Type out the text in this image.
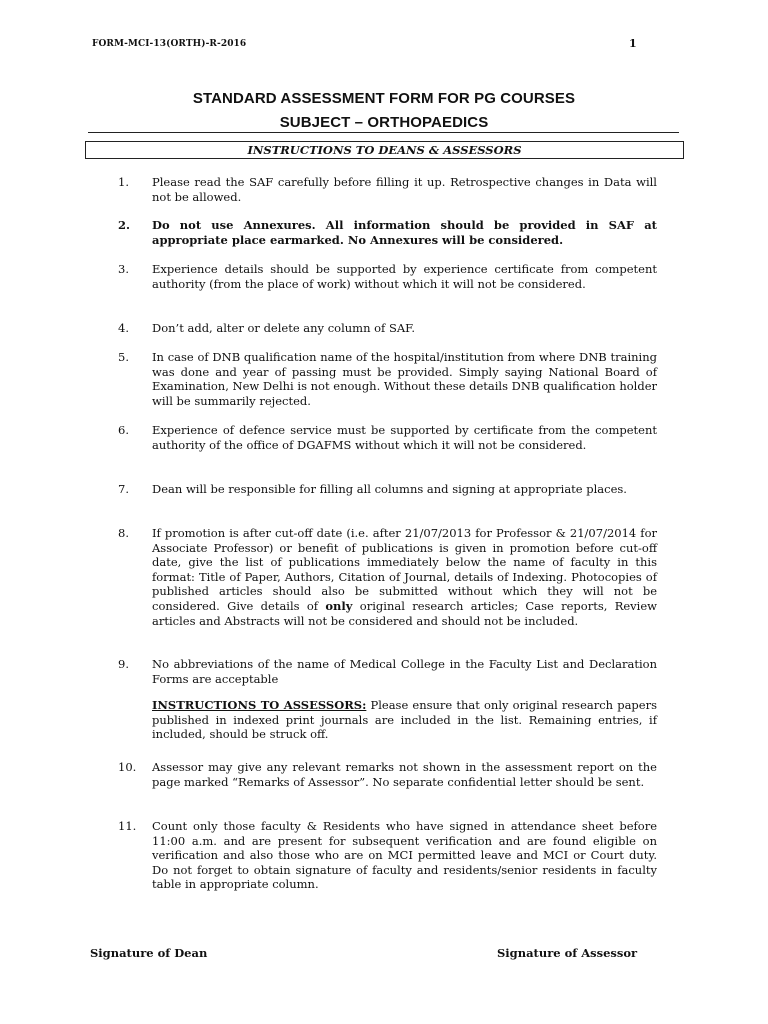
FORM-MCI-13(ORTH)-R-2016	1
STANDARD ASSESSMENT FORM FOR PG COURSES
SUBJECT – ORTHOPAEDICS
INSTRUCTIONS TO DEANS & ASSESSORS
1.	Please read the SAF carefully before filling it up. Retrospective changes in Data will not be allowed.
2.	Do not use Annexures. All information should be provided in SAF at appropriate place earmarked. No Annexures will be considered.
3.	Experience details should be supported by experience certificate from competent authority (from the place of work) without which it will not be considered.
4.	Don’t add, alter or delete any column of SAF.
5.	In case of DNB qualification name of the hospital/institution from where DNB training was done and year of passing must be provided. Simply saying National Board of Examination, New Delhi is not enough. Without these details DNB qualification holder will be summarily rejected.
6.	Experience of defence service must be supported by certificate from the competent authority of the office of DGAFMS without which it will not be considered.
7.	Dean will be responsible for filling all columns and signing at appropriate places.
8.	If promotion is after cut-off date (i.e. after 21/07/2013 for Professor & 21/07/2014 for Associate Professor) or benefit of publications is given in promotion before cut-off date, give the list of publications immediately below the name of faculty in this format: Title of Paper, Authors, Citation of Journal, details of Indexing. Photocopies of published articles should also be submitted without which they will not be considered. Give details of only original research articles; Case reports, Review articles and Abstracts will not be considered and should not be included.
9.	No abbreviations of the name of Medical College in the Faculty List and Declaration Forms are acceptable
INSTRUCTIONS TO ASSESSORS: Please ensure that only original research papers published in indexed print journals are included in the list. Remaining entries, if included, should be struck off.
10.	Assessor may give any relevant remarks not shown in the assessment report on the page marked “Remarks of Assessor”. No separate confidential letter should be sent.
11.	Count only those faculty & Residents who have signed in attendance sheet before 11:00 a.m. and are present for subsequent verification and are found eligible on verification and also those who are on MCI permitted leave and MCI or Court duty. Do not forget to obtain signature of faculty and residents/senior residents in faculty table in appropriate column.
Signature of Dean	Signature of Assessor
